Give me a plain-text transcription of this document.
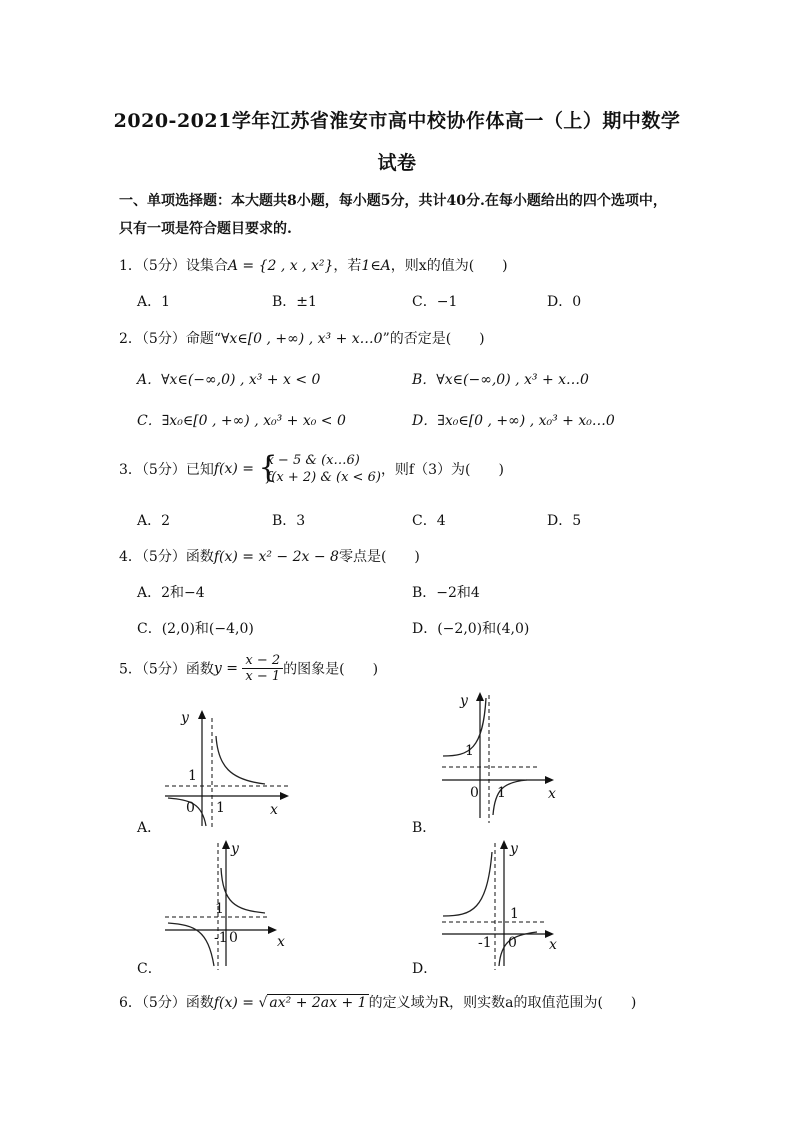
2020-2021学年江苏省淮安市高中校协作体高一（上）期中数学
试卷
一、单项选择题：本大题共8小题，每小题5分，共计40分.在每小题给出的四个选项中，
只有一项是符合题目要求的.
1．（5分）设集合A = {2 , x , x²}，若1∈A，则x的值为(　　)
A．1	B．±1	C．−1	D．0
2．（5分）命题“∀x∈[0 , +∞) , x³ + x…0”的否定是(　　)
A．∀x∈(−∞,0) , x³ + x < 0	B．∀x∈(−∞,0) , x³ + x…0
C．∃x₀∈[0 , +∞) , x₀³ + x₀ < 0	D．∃x₀∈[0 , +∞) , x₀³ + x₀…0
3．（5分）已知f(x) = {
x − 5 & (x…6)
f(x + 2) & (x < 6) ，则f（3）为(　　)
A．2	B．3	C．4	D．5
4．（5分）函数f(x) = x² − 2x − 8零点是(　　)
A．2和−4	B．−2和4
C．(2,0)和(−4,0)	D．(−2,0)和(4,0)
5．（5分）函数$y = \frac{x - 2}{x - 1}$ 的图象是(　　)
y
1
0 1	x
A．
y
1
0 1	x
B．
y
1
-1 0	x
C．
y
1
-1 0 x
D．
6．（5分）函数f(x) = √ ax² + 2ax + 1 的定义域为R，则实数a的取值范围为(　　)
